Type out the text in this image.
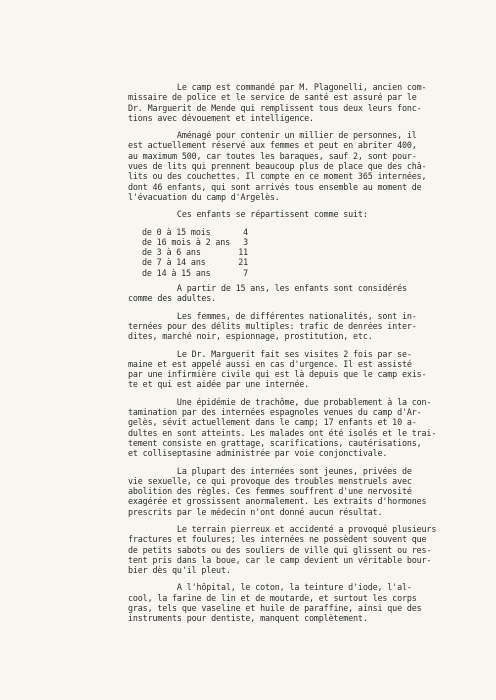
Le camp est commandé par M. Plagonelli, ancien com-
missaire de police et le service de santé est assuré par le
Dr. Marguerit de Mende qui remplissent tous deux leurs fonc-
tions avec dévouement et intelligence.
Aménagé pour contenir un millier de personnes, il
est actuellement réservé aux femmes et peut en abriter 400,
au maximum 500, car toutes les baraques, sauf 2, sont pour-
vues de lits qui prennent beaucoup plus de place que des châ-
lits ou des couchettes. Il compte en ce moment 365 internées,
dont 46 enfants, qui sont arrivés tous ensemble au moment de
l'évacuation du camp d'Argelès.
Ces enfants se répartissent comme suit:
de 0 à 15 mois	4
de 16 mois à 2 ans	3
de 3 à 6 ans	11
de 7 à 14 ans	21
de 14 à 15 ans	7
A partir de 15 ans, les enfants sont considérés
comme des adultes.
Les femmes, de différentes nationalités, sont in-
ternées pour des délits multiples: trafic de denrées inter-
dites, marché noir, espionnage, prostitution, etc.
Le Dr. Marguerit fait ses visites 2 fois par se-
maine et est appelé aussi en cas d'urgence. Il est assisté
par une infirmière civile qui est là depuis que le camp exis-
te et qui est aidée par une internée.
Une épidémie de trachôme, due probablement à la con-
tamination par des internées espagnoles venues du camp d'Ar-
gelès, sévit actuellement dans le camp; 17 enfants et 10 a-
dultes en sont atteints. Les malades ont été isolés et le trai-
tement consiste en grattage, scarifications, cautérisations,
et colliseptasine administrée par voie conjonctivale.
La plupart des internées sont jeunes, privées de
vie sexuelle, ce qui provoque des troubles menstruels avec
abolition des règles. Ces femmes souffrent d'une nervosité
exagérée et grossissent anormalement. Les extraits d'hormones
prescrits par le médecin n'ont donné aucun résultat.
Le terrain pierreux et accidenté a provoqué plusieurs
fractures et foulures; les internées ne possèdent souvent que
de petits sabots ou des souliers de ville qui glissent ou res-
tent pris dans la boue, car le camp devient un véritable bour-
bier dès qu'il pleut.
A l'hôpital, le coton, la teinture d'iode, l'al-
cool, la farine de lin et de moutarde, et surtout les corps
gras, tels que vaseline et huile de paraffine, ainsi que des
instruments pour dentiste, manquent complètement.
